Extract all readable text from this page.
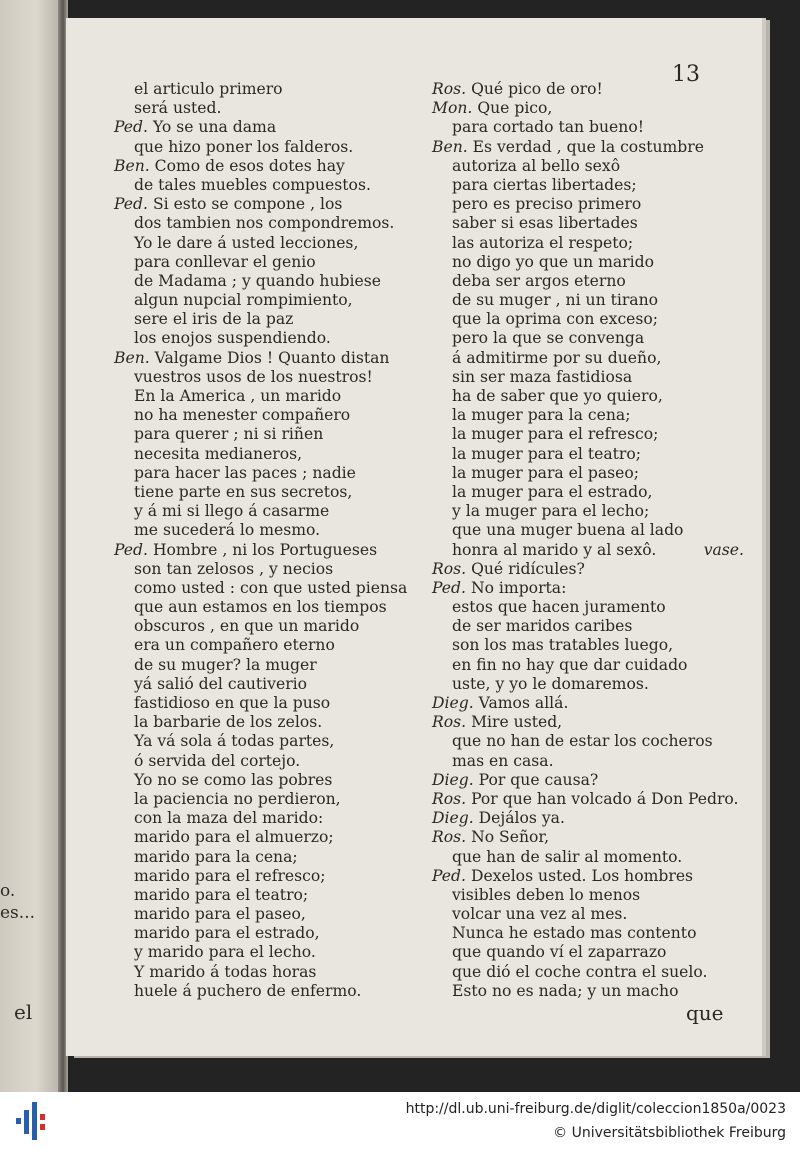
o.
es...
el
13
el articulo primero
será usted.
Ped. Yo se una dama
que hizo poner los falderos.
Ben. Como de esos dotes hay
de tales muebles compuestos.
Ped. Si esto se compone , los
dos tambien nos compondremos.
Yo le dare á usted lecciones,
para conllevar el genio
de Madama ; y quando hubiese
algun nupcial rompimiento,
sere el iris de la paz
los enojos suspendiendo.
Ben. Valgame Dios ! Quanto distan
vuestros usos de los nuestros!
En la America , un marido
no ha menester compañero
para querer ; ni si riñen
necesita medianeros,
para hacer las paces ; nadie
tiene parte en sus secretos,
y á mi si llego á casarme
me sucederá lo mesmo.
Ped. Hombre , ni los Portugueses
son tan zelosos , y necios
como usted : con que usted piensa
que aun estamos en los tiempos
obscuros , en que un marido
era un compañero eterno
de su muger? la muger
yá salió del cautiverio
fastidioso en que la puso
la barbarie de los zelos.
Ya vá sola á todas partes,
ó servida del cortejo.
Yo no se como las pobres
la paciencia no perdieron,
con la maza del marido:
marido para el almuerzo;
marido para la cena;
marido para el refresco;
marido para el teatro;
marido para el paseo,
marido para el estrado,
y marido para el lecho.
Y marido á todas horas
huele á puchero de enfermo.
Ros. Qué pico de oro!
Mon. Que pico,
para cortado tan bueno!
Ben. Es verdad , que la costumbre
autoriza al bello sexô
para ciertas libertades;
pero es preciso primero
saber si esas libertades
las autoriza el respeto;
no digo yo que un marido
deba ser argos eterno
de su muger , ni un tirano
que la oprima con exceso;
pero la que se convenga
á admitirme por su dueño,
sin ser maza fastidiosa
ha de saber que yo quiero,
la muger para la cena;
la muger para el refresco;
la muger para el teatro;
la muger para el paseo;
la muger para el estrado,
y la muger para el lecho;
que una muger buena al lado
honra al marido y al sexô.	vase.
Ros. Qué ridícules?
Ped. No importa:
estos que hacen juramento
de ser maridos caribes
son los mas tratables luego,
en fin no hay que dar cuidado
uste, y yo le domaremos.
Dieg. Vamos allá.
Ros. Mire usted,
que no han de estar los cocheros
mas en casa.
Dieg. Por que causa?
Ros. Por que han volcado á Don Pedro.
Dieg. Dejálos ya.
Ros. No Señor,
que han de salir al momento.
Ped. Dexelos usted. Los hombres
visibles deben lo menos
volcar una vez al mes.
Nunca he estado mas contento
que quando ví el zaparrazo
que dió el coche contra el suelo.
Esto no es nada; y un macho
que
http://dl.ub.uni-freiburg.de/diglit/coleccion1850a/0023
© Universitätsbibliothek Freiburg
